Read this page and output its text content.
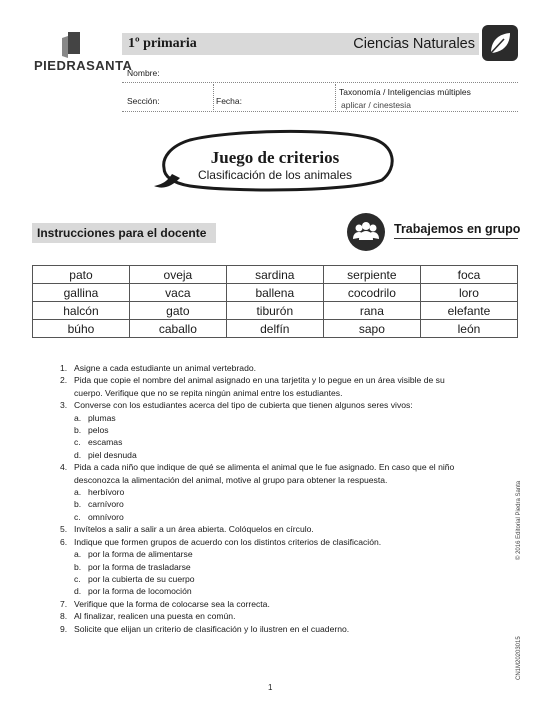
PIEDRASANTA
1º primaria	Ciencias Naturales
Nombre:
Sección:	Fecha:
Taxonomía / Inteligencias múltiples
aplicar / cinestesia
Juego de criterios
Clasificación de los animales
Instrucciones para el docente	Trabajemos en grupo
pato	oveja	sardina	serpiente	foca
gallina	vaca	ballena	cocodrilo	loro
halcón	gato	tiburón	rana	elefante
búho	caballo	delfín	sapo	león
1. Asigne a cada estudiante un animal vertebrado.
2. Pida que copie el nombre del animal asignado en una tarjetita y lo pegue en un área visible de su cuerpo. Verifique que no se repita ningún animal entre los estudiantes.
3. Converse con los estudiantes acerca del tipo de cubierta que tienen algunos seres vivos:
a. plumas
b. pelos
c. escamas
d. piel desnuda
4. Pida a cada niño que indique de qué se alimenta el animal que le fue asignado. En caso que el niño desconozca la alimentación del animal, motive al grupo para obtener la respuesta.
a. herbívoro
b. carnívoro
c. omnívoro
5. Invítelos a salir a salir a un área abierta. Colóquelos en círculo.
6. Indique que formen grupos de acuerdo con los distintos criterios de clasificación.
a. por la forma de alimentarse
b. por la forma de trasladarse
c. por la cubierta de su cuerpo
d. por la forma de locomoción
7. Verifique que la forma de colocarse sea la correcta.
8. Al finalizar, realicen una puesta en común.
9. Solicite que elijan un criterio de clasificación y lo ilustren en el cuaderno.
1
© 2016 Editorial Piedra Santa
CN1M20203015
